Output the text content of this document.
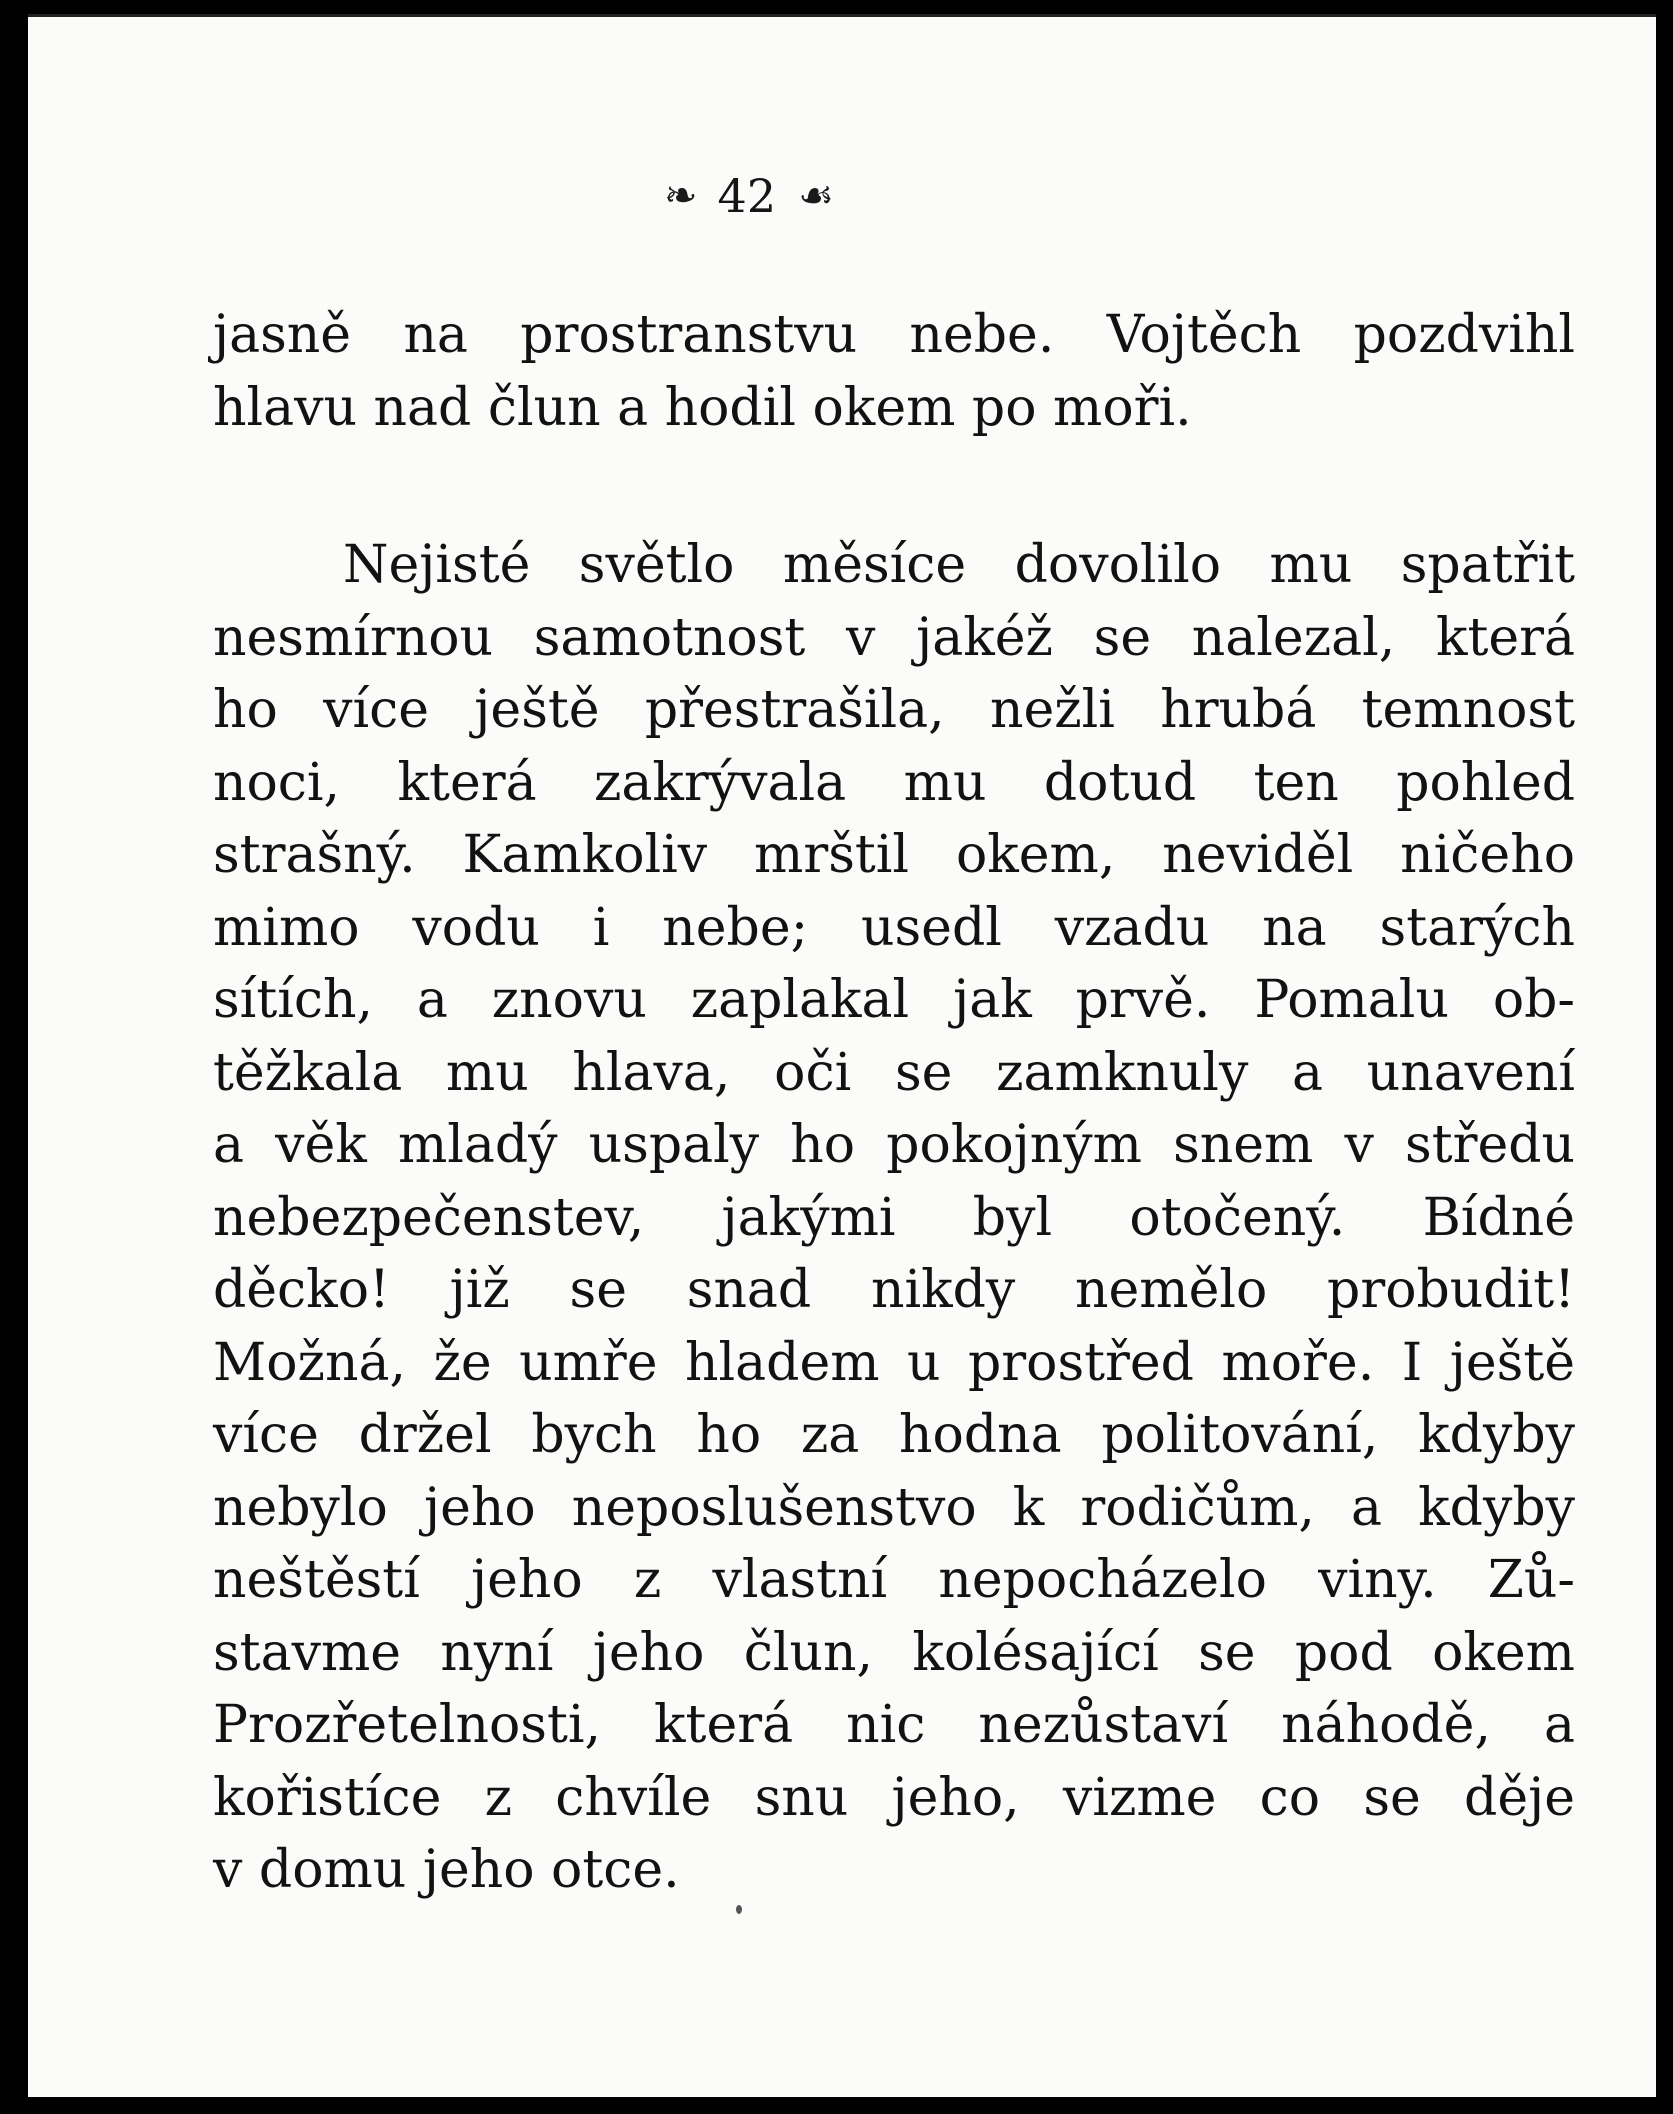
❧ 42 ☙
jasně na prostranstvu nebe. Vojtěch pozdvihl
hlavu nad člun a hodil okem po moři.
Nejisté světlo měsíce dovolilo mu spatřit
nesmírnou samotnost v jakéž se nalezal, která
ho více ještě přestrašila, nežli hrubá temnost
noci, která zakrývala mu dotud ten pohled
strašný. Kamkoliv mrštil okem, neviděl ničeho
mimo vodu i nebe; usedl vzadu na starých
sítích, a znovu zaplakal jak prvě. Pomalu ob-
těžkala mu hlava, oči se zamknuly a unavení
a věk mladý uspaly ho pokojným snem v středu
nebezpečenstev, jakými byl otočený. Bídné
děcko! již se snad nikdy nemělo probudit!
Možná, že umře hladem u prostřed moře. I ještě
více držel bych ho za hodna politování, kdyby
nebylo jeho neposlušenstvo k rodičům, a kdyby
neštěstí jeho z vlastní nepocházelo viny. Zů-
stavme nyní jeho člun, kolésající se pod okem
Prozřetelnosti, která nic nezůstaví náhodě, a
kořistíce z chvíle snu jeho, vizme co se děje
v domu jeho otce.
